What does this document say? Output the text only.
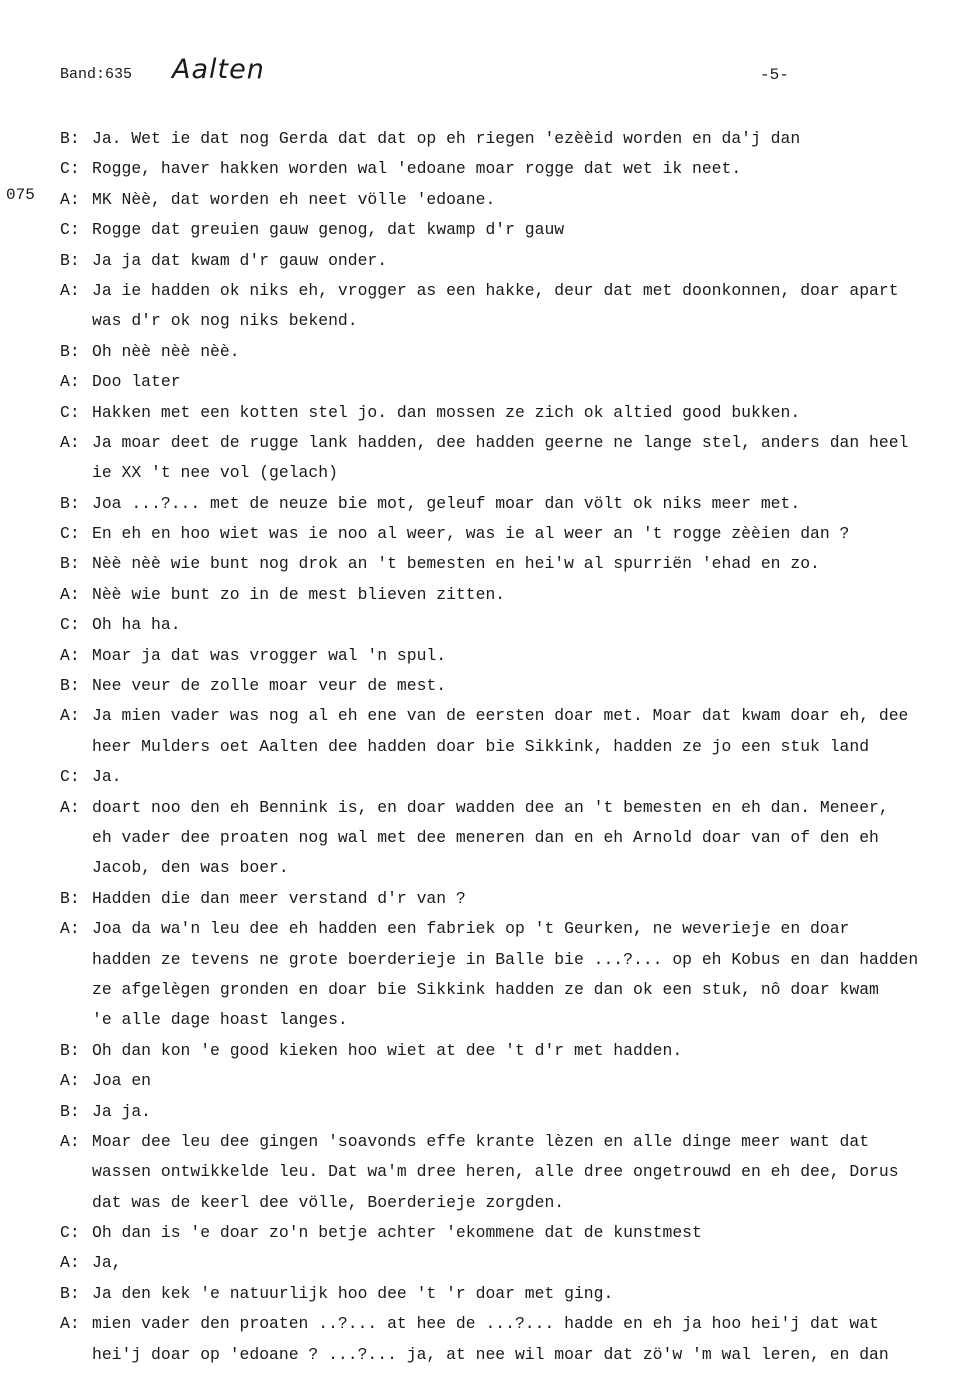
Band:635 Aalten	-5-
075
B: Ja. Wet ie dat nog Gerda dat dat op eh riegen 'ezèèid worden en da'j dan
C: Rogge, haver hakken worden wal 'edoane moar rogge dat wet ik neet.
A: MK Nèè, dat worden eh neet völle 'edoane.
C: Rogge dat greuien gauw genog, dat kwamp d'r gauw
B: Ja ja dat kwam d'r gauw onder.
A: Ja ie hadden ok niks eh, vrogger as een hakke, deur dat met doonkonnen, doar apart
was d'r ok nog niks bekend.
B: Oh nèè nèè nèè.
A: Doo later
C: Hakken met een kotten stel jo. dan mossen ze zich ok altied good bukken.
A: Ja moar deet de rugge lank hadden, dee hadden geerne ne lange stel, anders dan heel
ie XX 't nee vol (gelach)
B: Joa ...?... met de neuze bie mot, geleuf moar dan völt ok niks meer met.
C: En eh en hoo wiet was ie noo al weer, was ie al weer an 't rogge zèèien dan ?
B: Nèè nèè wie bunt nog drok an 't bemesten en hei'w al spurriën 'ehad en zo.
A: Nèè wie bunt zo in de mest blieven zitten.
C: Oh ha ha.
A: Moar ja dat was vrogger wal 'n spul.
B: Nee veur de zolle moar veur de mest.
A: Ja mien vader was nog al eh ene van de eersten doar met. Moar dat kwam doar eh, dee
heer Mulders oet Aalten dee hadden doar bie Sikkink, hadden ze jo een stuk land
C: Ja.
A: doart noo den eh Bennink is, en doar wadden dee an 't bemesten en eh dan. Meneer,
eh vader dee proaten nog wal met dee meneren dan en eh Arnold doar van of den eh
Jacob, den was boer.
B: Hadden die dan meer verstand d'r van ?
A: Joa da wa'n leu dee eh hadden een fabriek op 't Geurken, ne weverieje en doar
hadden ze tevens ne grote boerderieje in Balle bie ...?... op eh Kobus en dan hadden
ze afgelègen gronden en doar bie Sikkink hadden ze dan ok een stuk, nô doar kwam
'e alle dage hoast langes.
B: Oh dan kon 'e good kieken hoo wiet at dee 't d'r met hadden.
A: Joa en
B: Ja ja.
A: Moar dee leu dee gingen 'soavonds effe krante lèzen en alle dinge meer want dat
wassen ontwikkelde leu. Dat wa'm dree heren, alle dree ongetrouwd en eh dee, Dorus
dat was de keerl dee völle, Boerderieje zorgden.
C: Oh dan is 'e doar zo'n betje achter 'ekommene dat de kunstmest
A: Ja,
B: Ja den kek 'e natuurlijk hoo dee 't 'r doar met ging.
A: mien vader den proaten ..?... at hee de ...?... hadde en eh ja hoo hei'j dat wat
hei'j doar op 'edoane ? ...?... ja, at nee wil moar dat zö'w 'm wal leren, en dan
